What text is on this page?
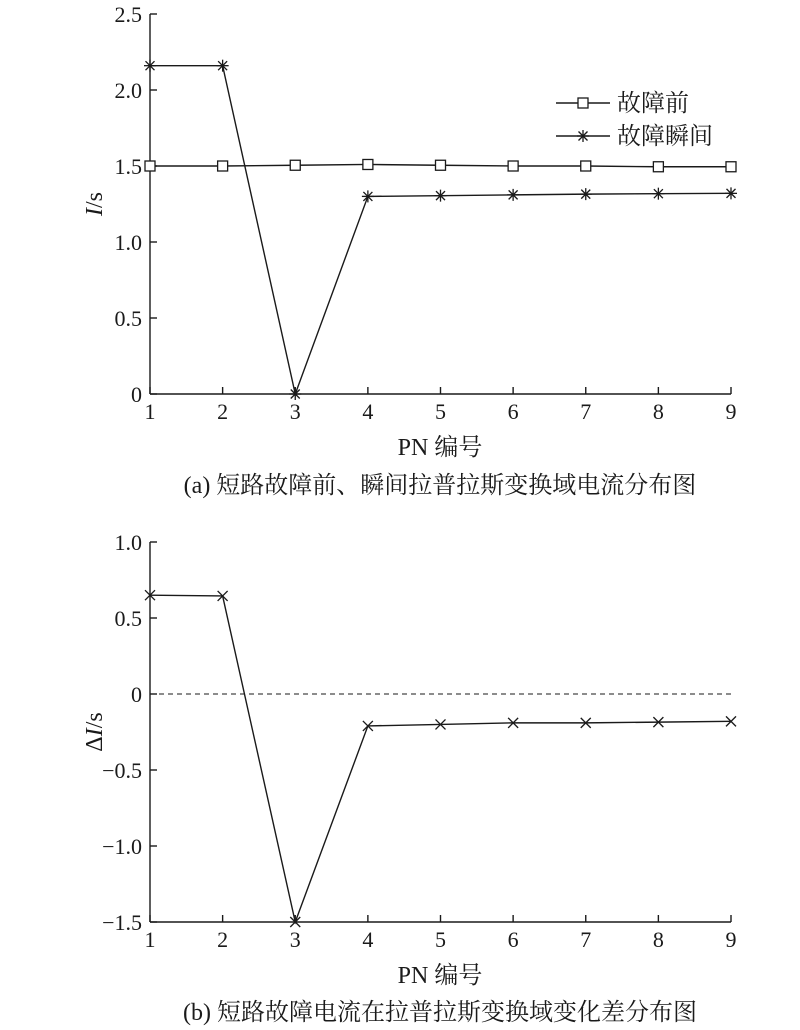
0
0.5
1.0
1.5
2.0
2.5
1	2	3	4	5	6	7	8	9
PN 编号
I/s
(a) 短路故障前、瞬间拉普拉斯变换域电流分布图
故障前
故障瞬间
−1.5
−1.0
−0.5
0
0.5
1.0
1	2	3	4	5	6	7	8	9
PN 编号
ΔI/s
(b) 短路故障电流在拉普拉斯变换域变化差分布图
